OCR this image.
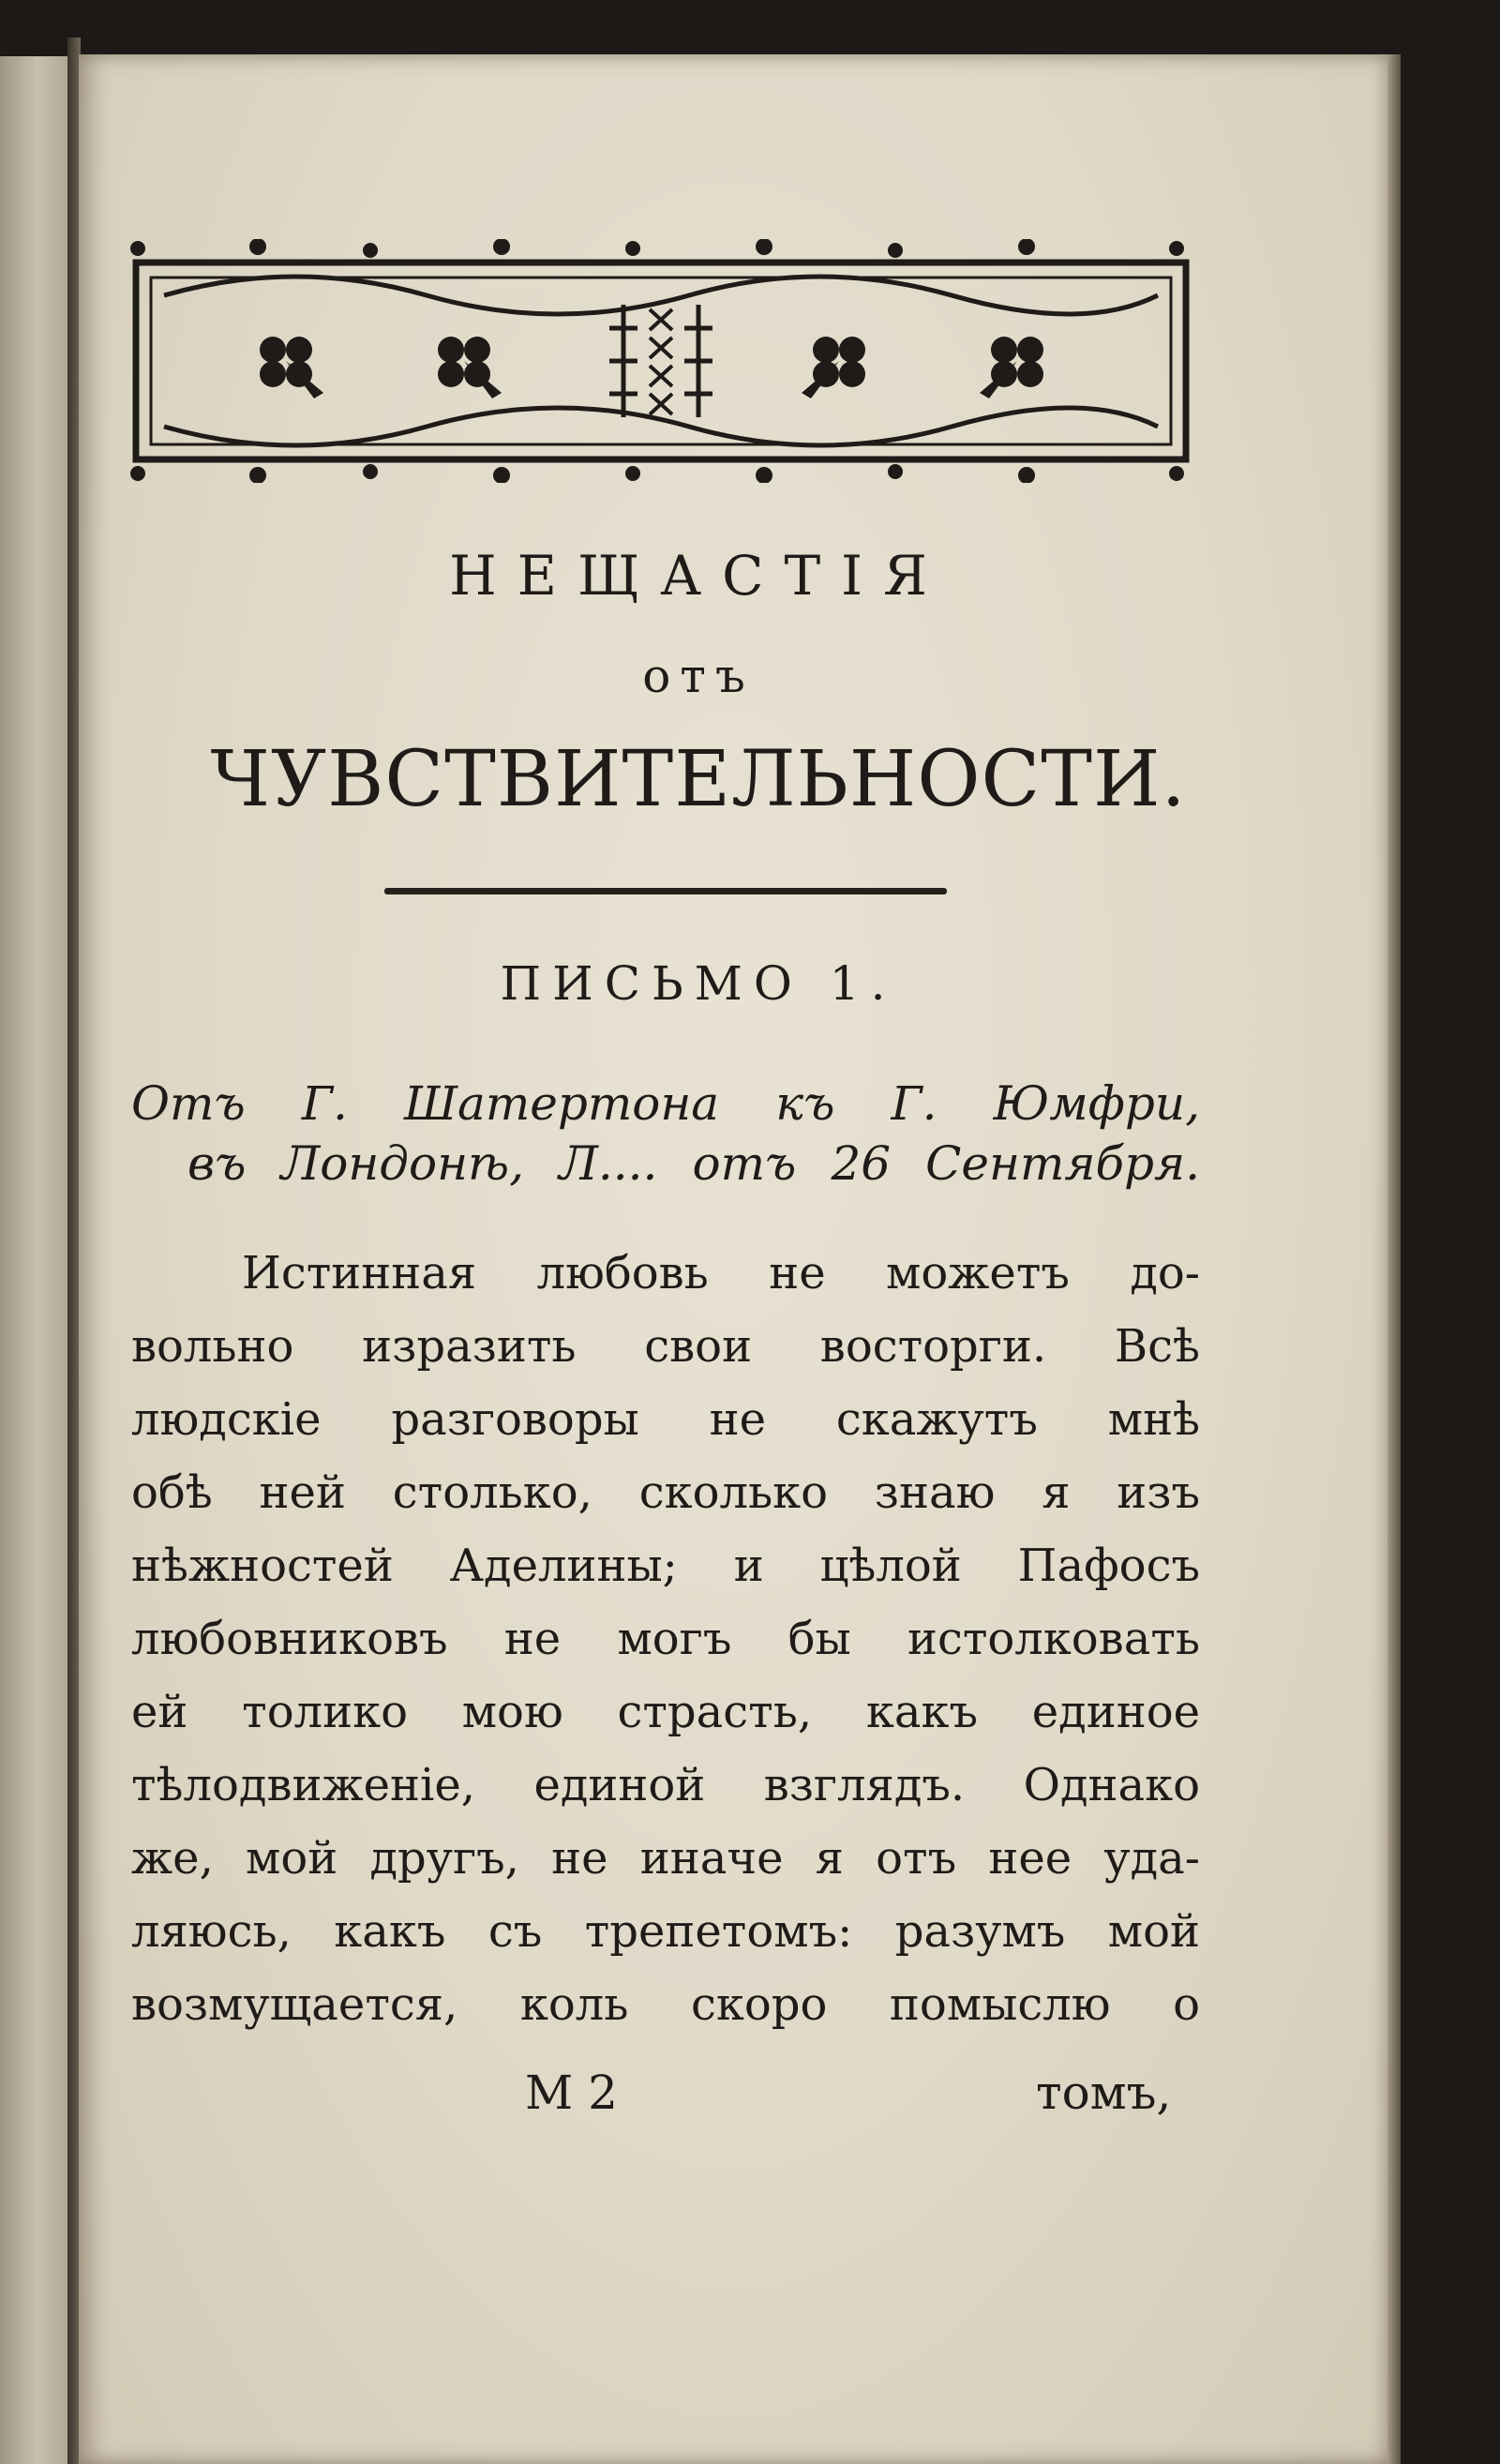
НЕЩАСТІЯ
отъ
ЧУВСТВИТЕЛЬНОСТИ.
ПИСЬМО 1.
Отъ Г. Шатертона къ Г. Юмфри,
въ Лондонѣ, Л.... отъ 26 Сентября.
Истинная любовь не можетъ до-
вольно изразить свои восторги. Всѣ
людскіе разговоры не скажутъ мнѣ
обѣ ней столько, сколько знаю я изъ
нѣжностей Аделины; и цѣлой Пафосъ
любовниковъ не могъ бы истолковать
ей толико мою страсть, какъ единое
тѣлодвиженіе, единой взглядъ. Однако
же, мой другъ, не иначе я отъ нее уда-
ляюсь, какъ съ трепетомъ: разумъ мой
возмущается, коль скоро помыслю о
М 2	томъ,
